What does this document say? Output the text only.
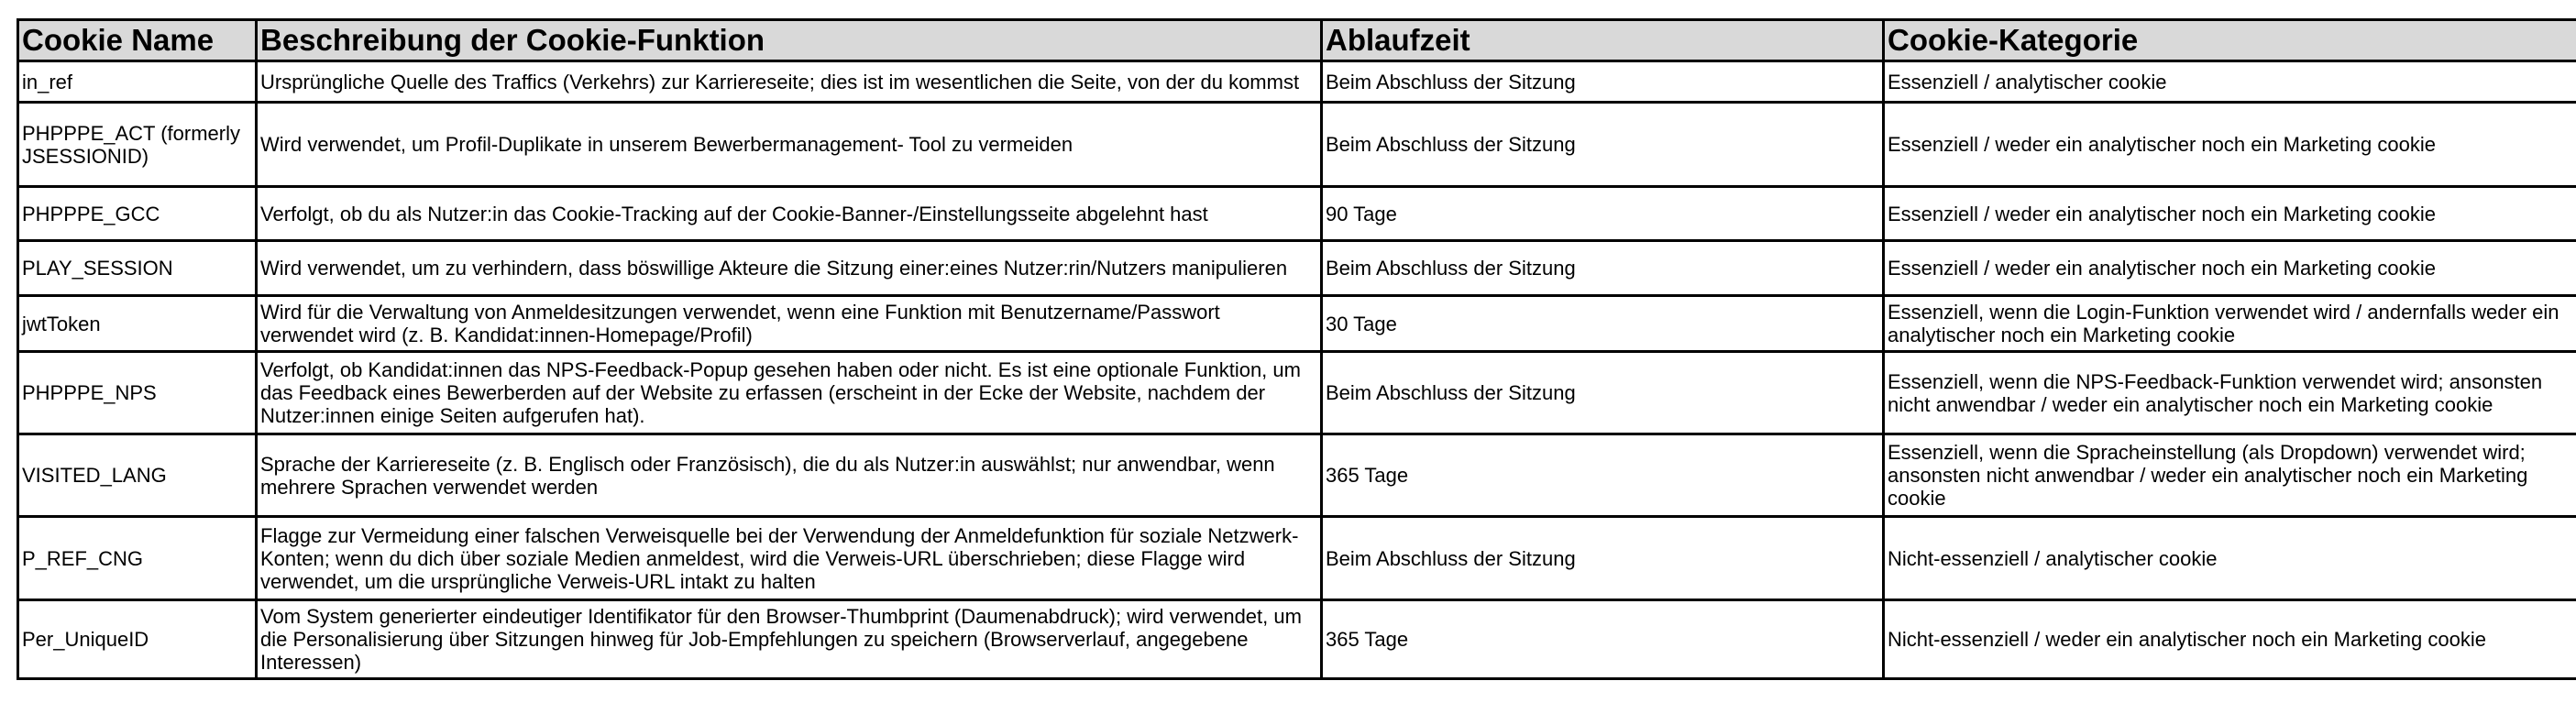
Cookie Name	Beschreibung der Cookie-Funktion	Ablaufzeit	Cookie-Kategorie
in_ref	Ursprüngliche Quelle des Traffics (Verkehrs) zur Karriereseite; dies ist im wesentlichen die Seite, von der du kommst	Beim Abschluss der Sitzung	Essenziell / analytischer cookie
PHPPPE_ACT (formerly JSESSIONID)	Wird verwendet, um Profil-Duplikate in unserem Bewerbermanagement- Tool zu vermeiden	Beim Abschluss der Sitzung	Essenziell / weder ein analytischer noch ein Marketing cookie
PHPPPE_GCC	Verfolgt, ob du als Nutzer:in das Cookie-Tracking auf der Cookie-Banner-/Einstellungsseite abgelehnt hast	90 Tage	Essenziell / weder ein analytischer noch ein Marketing cookie
PLAY_SESSION	Wird verwendet, um zu verhindern, dass böswillige Akteure die Sitzung einer:eines Nutzer:rin/Nutzers manipulieren	Beim Abschluss der Sitzung	Essenziell / weder ein analytischer noch ein Marketing cookie
jwtToken	Wird für die Verwaltung von Anmeldesitzungen verwendet, wenn eine Funktion mit Benutzername/Passwort verwendet wird (z. B. Kandidat:innen-Homepage/Profil)	30 Tage	Essenziell, wenn die Login-Funktion verwendet wird / andernfalls weder ein analytischer noch ein Marketing cookie
PHPPPE_NPS	Verfolgt, ob Kandidat:innen das NPS-Feedback-Popup gesehen haben oder nicht. Es ist eine optionale Funktion, um das Feedback eines Bewerberden auf der Website zu erfassen (erscheint in der Ecke der Website, nachdem der Nutzer:innen einige Seiten aufgerufen hat).	Beim Abschluss der Sitzung	Essenziell, wenn die NPS-Feedback-Funktion verwendet wird; ansonsten nicht anwendbar / weder ein analytischer noch ein Marketing cookie
VISITED_LANG	Sprache der Karriereseite (z. B. Englisch oder Französisch), die du als Nutzer:in auswählst; nur anwendbar, wenn mehrere Sprachen verwendet werden	365 Tage	Essenziell, wenn die Spracheinstellung (als Dropdown) verwendet wird; ansonsten nicht anwendbar / weder ein analytischer noch ein Marketing cookie
P_REF_CNG	Flagge zur Vermeidung einer falschen Verweisquelle bei der Verwendung der Anmeldefunktion für soziale Netzwerk-Konten; wenn du dich über soziale Medien anmeldest, wird die Verweis-URL überschrieben; diese Flagge wird verwendet, um die ursprüngliche Verweis-URL intakt zu halten	Beim Abschluss der Sitzung	Nicht-essenziell / analytischer cookie
Per_UniqueID	Vom System generierter eindeutiger Identifikator für den Browser-Thumbprint (Daumenabdruck); wird verwendet, um die Personalisierung über Sitzungen hinweg für Job-Empfehlungen zu speichern (Browserverlauf, angegebene Interessen)	365 Tage	Nicht-essenziell / weder ein analytischer noch ein Marketing cookie
